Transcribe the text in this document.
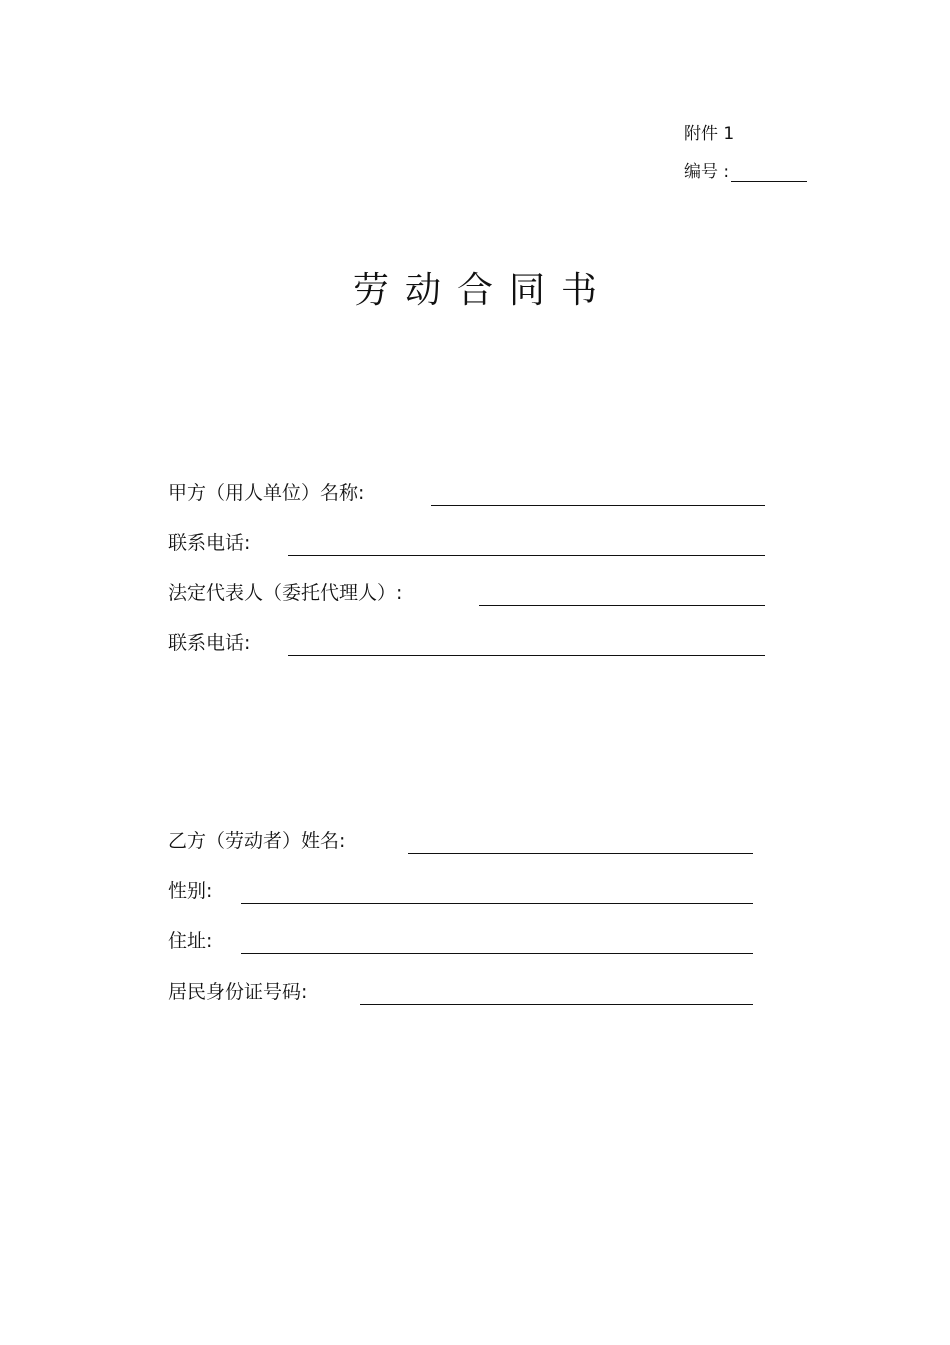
附件 1
编号 :
劳动合同书
甲方（用人单位）名称:
联系电话:
法定代表人（委托代理人）:
联系电话:
乙方（劳动者）姓名:
性别:
住址:
居民身份证号码:
